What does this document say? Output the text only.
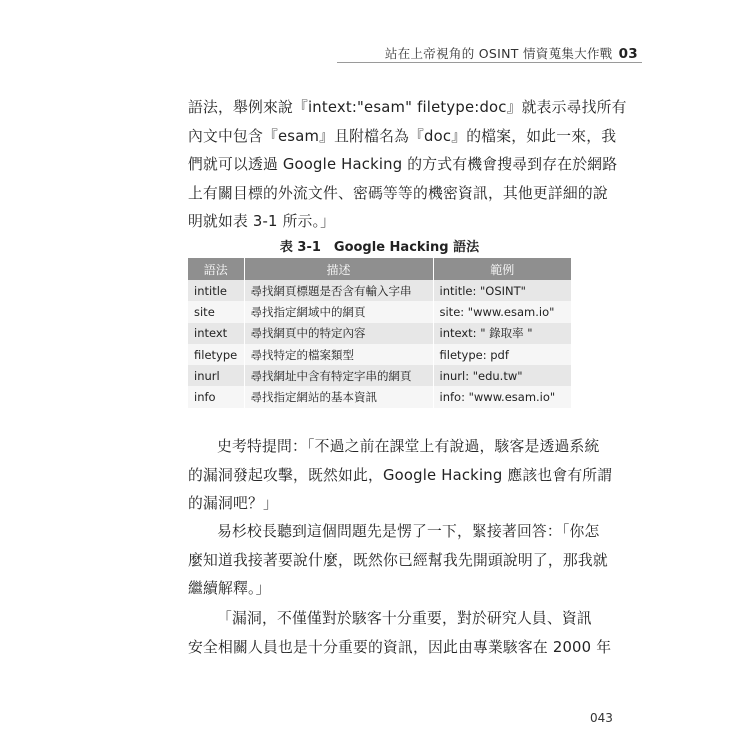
站在上帝視角的 OSINT 情資蒐集大作戰 03

語法，舉例來說『intext:"esam" filetype:doc』就表示尋找所有
內文中包含『esam』且附檔名為『doc』的檔案，如此一來，我
們就可以透過 Google Hacking 的方式有機會搜尋到存在於網路
上有關目標的外流文件、密碼等等的機密資訊，其他更詳細的說
明就如表 3-1 所示。」

表 3-1　Google Hacking 語法
語法	描述	範例
intitle	尋找網頁標題是否含有輸入字串	intitle: "OSINT"
site	尋找指定網域中的網頁	site: "www.esam.io"
intext	尋找網頁中的特定內容	intext: " 錄取率 "
filetype	尋找特定的檔案類型	filetype: pdf
inurl	尋找網址中含有特定字串的網頁	inurl: "edu.tw"
info	尋找指定網站的基本資訊	info: "www.esam.io"

史考特提問：「不過之前在課堂上有說過，駭客是透過系統
的漏洞發起攻擊，既然如此，Google Hacking 應該也會有所謂
的漏洞吧？」

易杉校長聽到這個問題先是愣了一下，緊接著回答：「你怎
麼知道我接著要說什麼，既然你已經幫我先開頭說明了，那我就
繼續解釋。」

「漏洞，不僅僅對於駭客十分重要，對於研究人員、資訊
安全相關人員也是十分重要的資訊，因此由專業駭客在 2000 年

043
